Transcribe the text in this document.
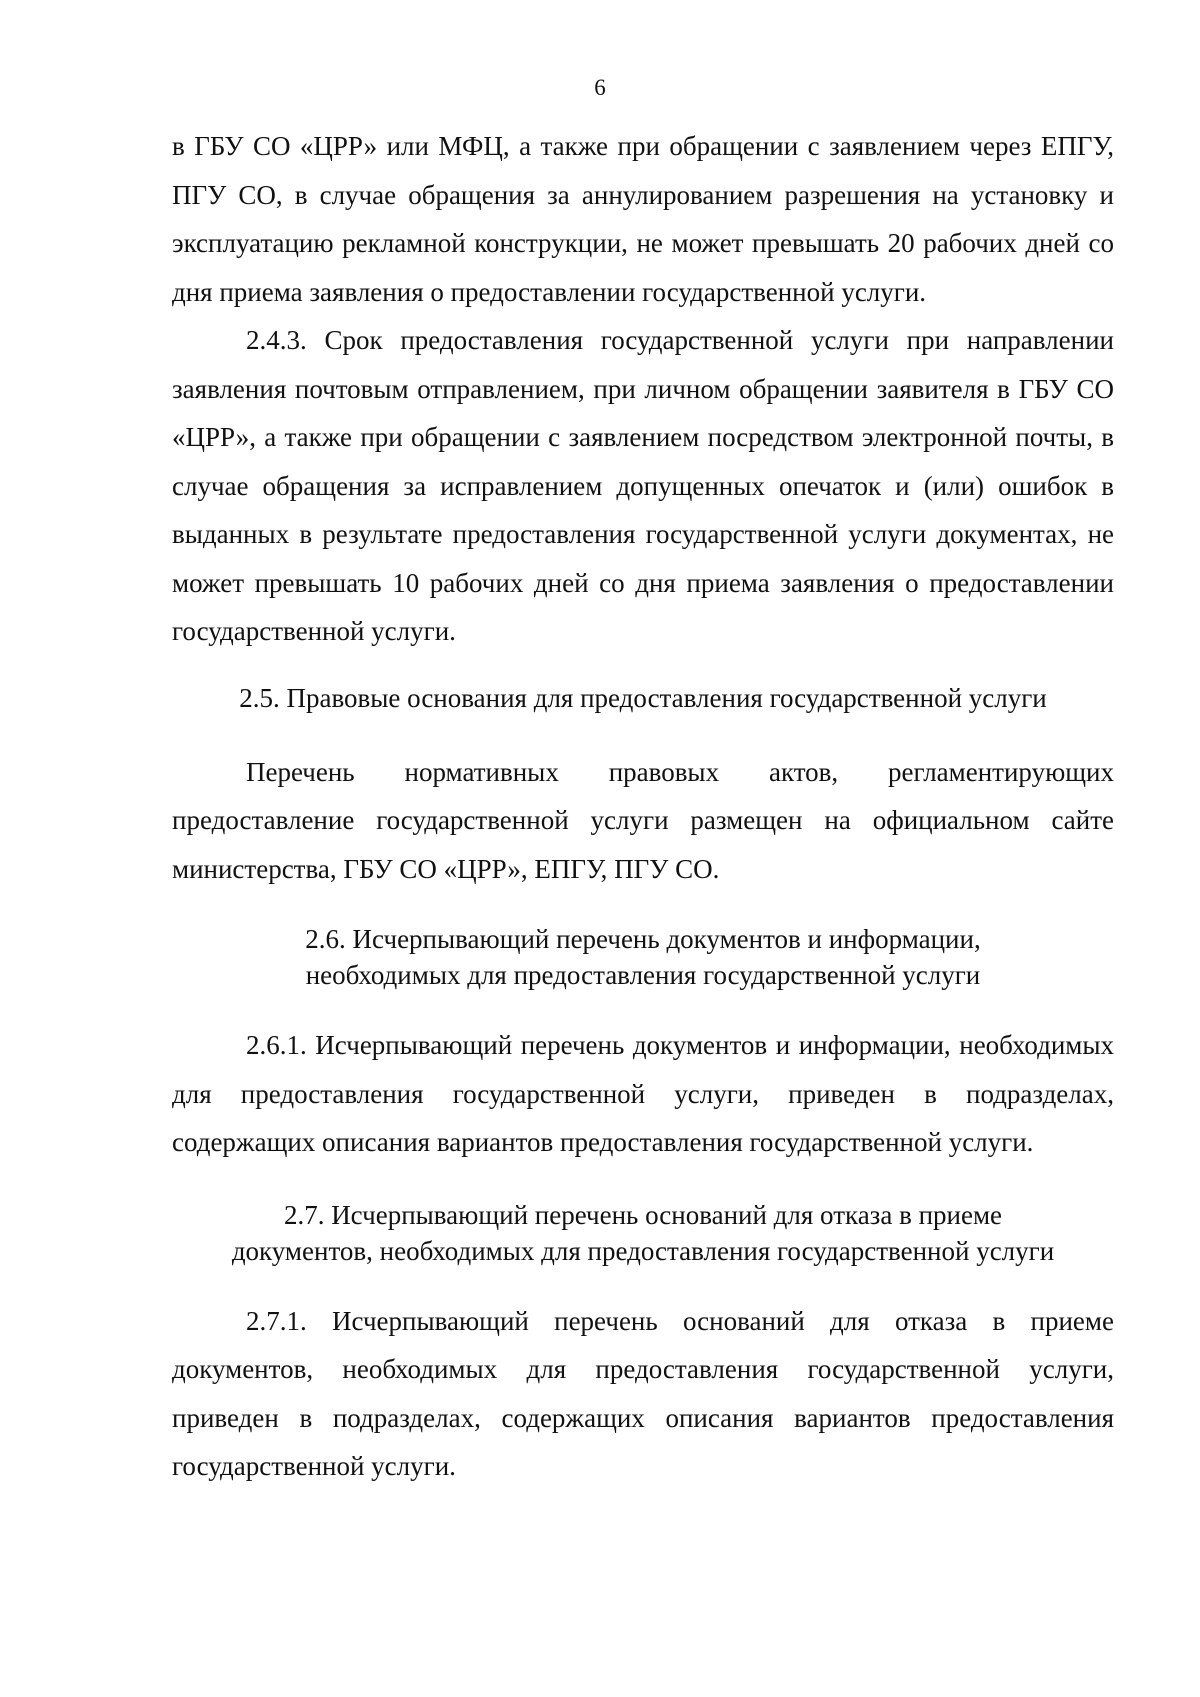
6

в ГБУ СО «ЦРР» или МФЦ, а также при обращении с заявлением через ЕПГУ, ПГУ СО, в случае обращения за аннулированием разрешения на установку и эксплуатацию рекламной конструкции, не может превышать 20 рабочих дней со дня приема заявления о предоставлении государственной услуги.

2.4.3. Срок предоставления государственной услуги при направлении заявления почтовым отправлением, при личном обращении заявителя в ГБУ СО «ЦРР», а также при обращении с заявлением посредством электронной почты, в случае обращения за исправлением допущенных опечаток и (или) ошибок в выданных в результате предоставления государственной услуги документах, не может превышать 10 рабочих дней со дня приема заявления о предоставлении государственной услуги.

2.5. Правовые основания для предоставления государственной услуги

Перечень нормативных правовых актов, регламентирующих предоставление государственной услуги размещен на официальном сайте министерства, ГБУ СО «ЦРР», ЕПГУ, ПГУ СО.

2.6. Исчерпывающий перечень документов и информации,
необходимых для предоставления государственной услуги

2.6.1. Исчерпывающий перечень документов и информации, необходимых для предоставления государственной услуги, приведен в подразделах, содержащих описания вариантов предоставления государственной услуги.

2.7. Исчерпывающий перечень оснований для отказа в приеме
документов, необходимых для предоставления государственной услуги

2.7.1. Исчерпывающий перечень оснований для отказа в приеме документов, необходимых для предоставления государственной услуги, приведен в подразделах, содержащих описания вариантов предоставления государственной услуги.
